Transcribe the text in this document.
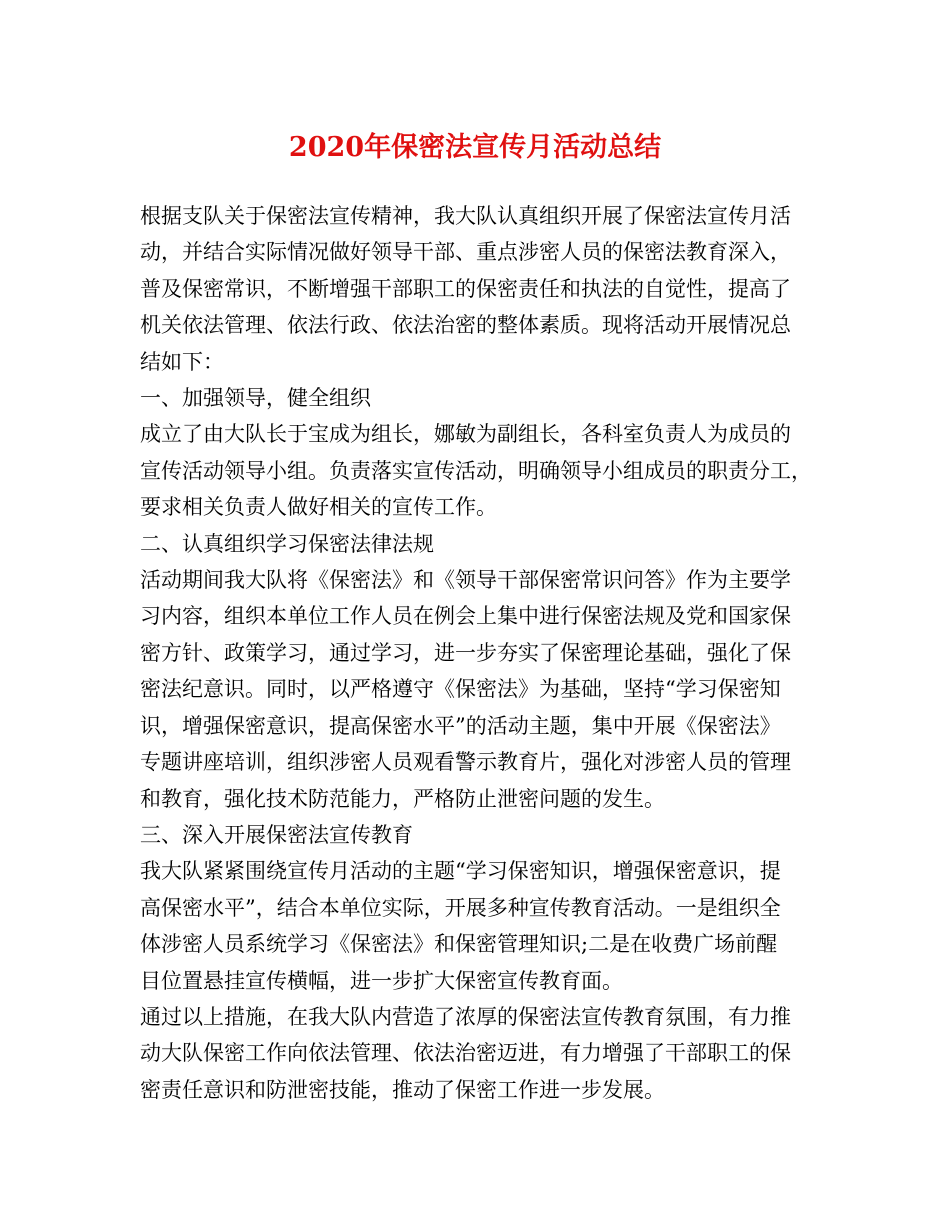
2020年保密法宣传月活动总结
根据支队关于保密法宣传精神，我大队认真组织开展了保密法宣传月活
动，并结合实际情况做好领导干部、重点涉密人员的保密法教育深入，
普及保密常识，不断增强干部职工的保密责任和执法的自觉性，提高了
机关依法管理、依法行政、依法治密的整体素质。现将活动开展情况总
结如下：
一、加强领导，健全组织
成立了由大队长于宝成为组长，娜敏为副组长，各科室负责人为成员的
宣传活动领导小组。负责落实宣传活动，明确领导小组成员的职责分工，
要求相关负责人做好相关的宣传工作。
二、认真组织学习保密法律法规
活动期间我大队将《保密法》和《领导干部保密常识问答》作为主要学
习内容，组织本单位工作人员在例会上集中进行保密法规及党和国家保
密方针、政策学习，通过学习，进一步夯实了保密理论基础，强化了保
密法纪意识。同时，以严格遵守《保密法》为基础，坚持“学习保密知
识，增强保密意识，提高保密水平”的活动主题，集中开展《保密法》
专题讲座培训，组织涉密人员观看警示教育片，强化对涉密人员的管理
和教育，强化技术防范能力，严格防止泄密问题的发生。
三、深入开展保密法宣传教育
我大队紧紧围绕宣传月活动的主题“学习保密知识，增强保密意识，提
高保密水平”，结合本单位实际，开展多种宣传教育活动。一是组织全
体涉密人员系统学习《保密法》和保密管理知识;二是在收费广场前醒
目位置悬挂宣传横幅，进一步扩大保密宣传教育面。
通过以上措施，在我大队内营造了浓厚的保密法宣传教育氛围，有力推
动大队保密工作向依法管理、依法治密迈进，有力增强了干部职工的保
密责任意识和防泄密技能，推动了保密工作进一步发展。
